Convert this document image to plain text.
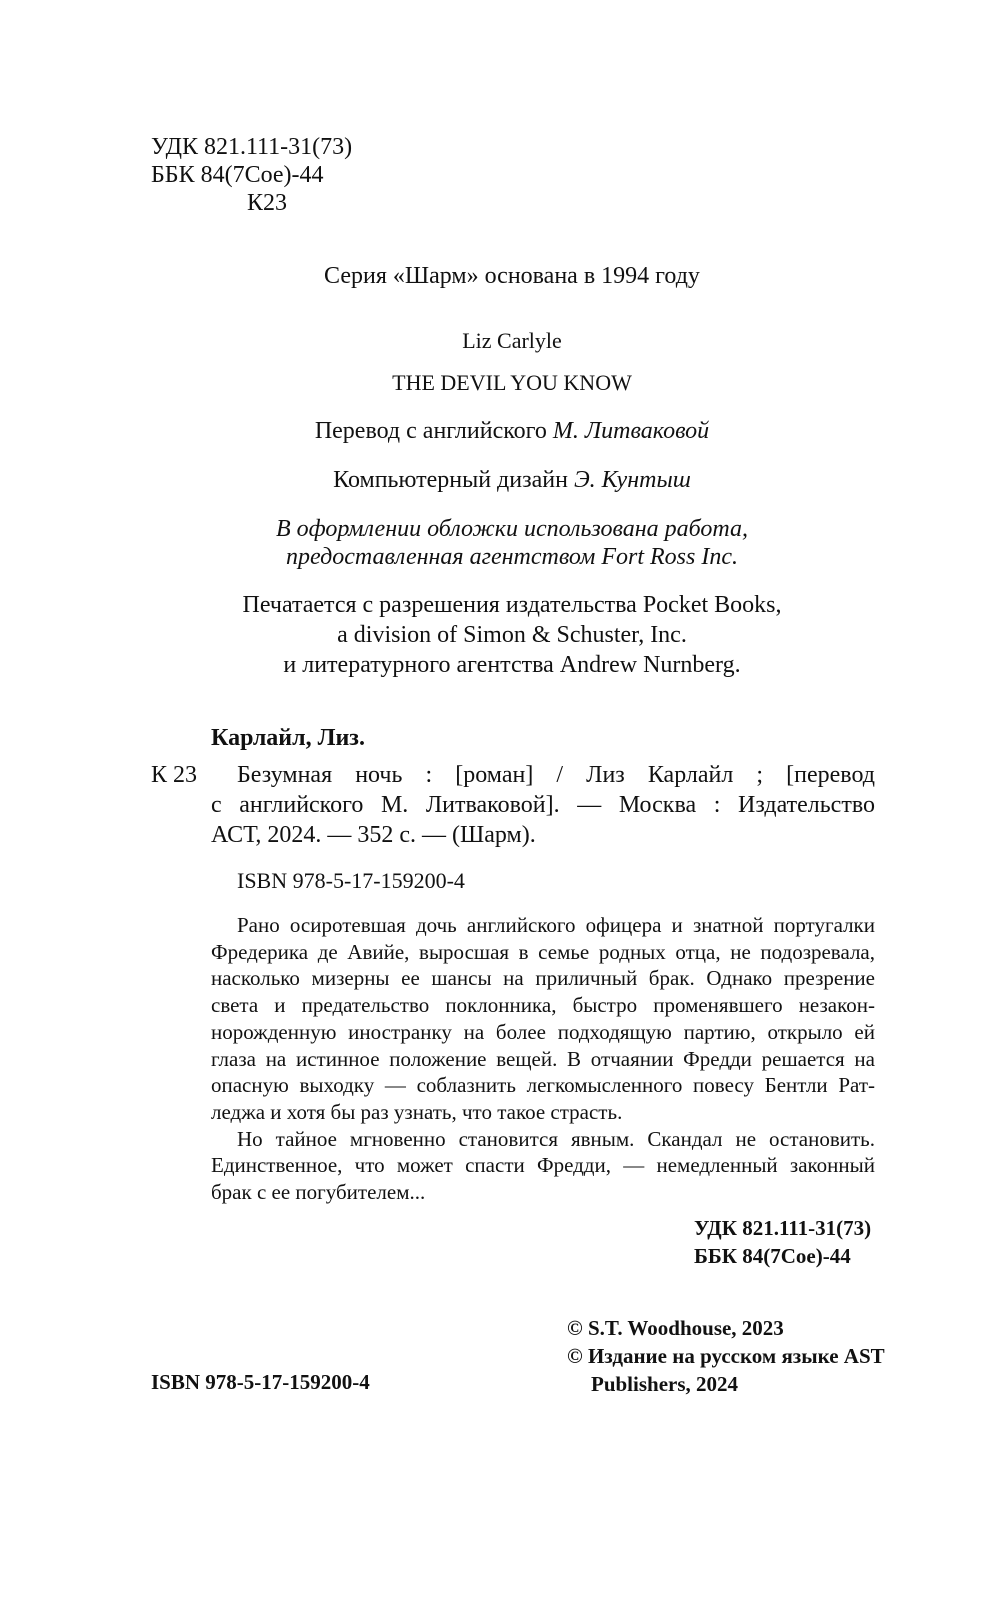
УДК 821.111-31(73)
ББК 84(7Сое)-44
К23
Серия «Шарм» основана в 1994 году
Liz Carlyle
THE DEVIL YOU KNOW
Перевод с английского М. Литваковой
Компьютерный дизайн Э. Кунтыш
В оформлении обложки использована работа,
предоставленная агентством Fort Ross Inc.
Печатается с разрешения издательства Pocket Books,
a division of Simon & Schuster, Inc.
и литературного агентства Andrew Nurnberg.
Карлайл, Лиз.
К 23	Безумная ночь : [роман] / Лиз Карлайл ; [перевод
с английского М. Литваковой]. — Москва : Издательство
АСТ, 2024. — 352 с. — (Шарм).
ISBN 978-5-17-159200-4
Рано осиротевшая дочь английского офицера и знатной португалки
Фредерика де Авийе, выросшая в семье родных отца, не подозревала,
насколько мизерны ее шансы на приличный брак. Однако презрение
света и предательство поклонника, быстро променявшего незакон-
норожденную иностранку на более подходящую партию, открыло ей
глаза на истинное положение вещей. В отчаянии Фредди решается на
опасную выходку — соблазнить легкомысленного повесу Бентли Рат-
леджа и хотя бы раз узнать, что такое страсть.
Но тайное мгновенно становится явным. Скандал не остановить.
Единственное, что может спасти Фредди, — немедленный законный
брак с ее погубителем...
УДК 821.111-31(73)
ББК 84(7Сое)-44
ISBN 978-5-17-159200-4
© S.T. Woodhouse, 2023
© Издание на русском языке AST
Publishers, 2024
